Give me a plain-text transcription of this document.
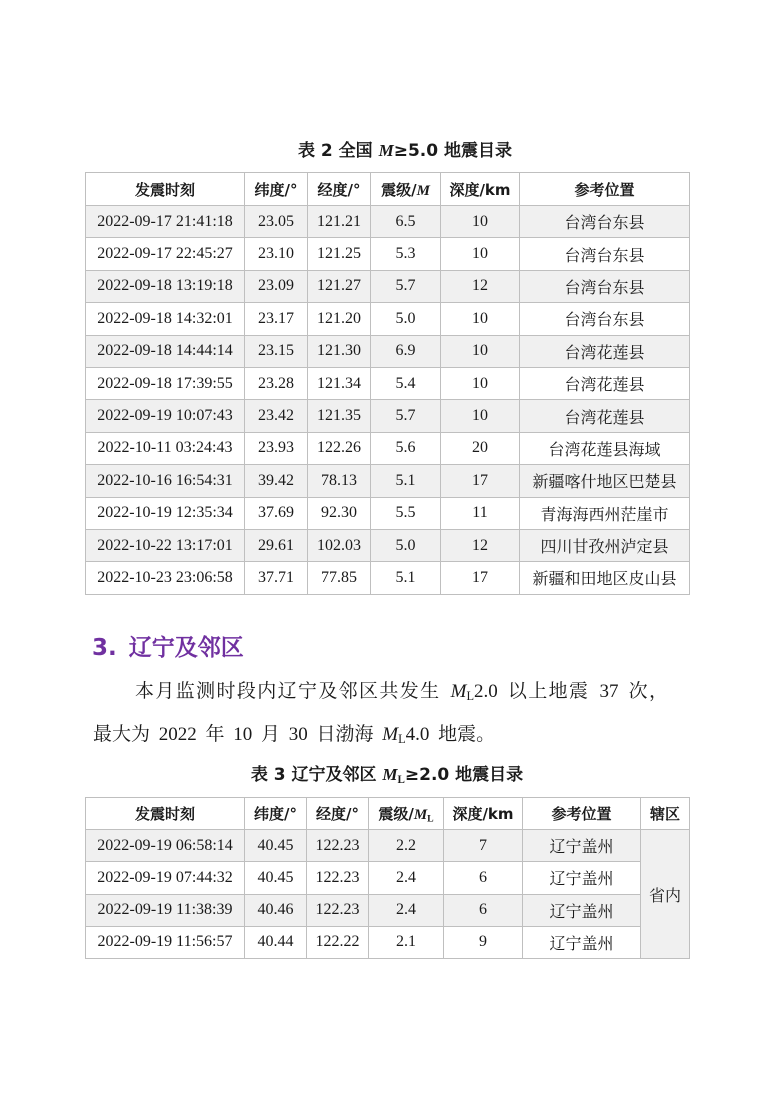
表 2 全国 M≥5.0 地震目录
发震时刻	纬度/°	经度/°	震级/M	深度/km	参考位置
2022-09-17 21:41:18	23.05	121.21	6.5	10	台湾台东县
2022-09-17 22:45:27	23.10	121.25	5.3	10	台湾台东县
2022-09-18 13:19:18	23.09	121.27	5.7	12	台湾台东县
2022-09-18 14:32:01	23.17	121.20	5.0	10	台湾台东县
2022-09-18 14:44:14	23.15	121.30	6.9	10	台湾花莲县
2022-09-18 17:39:55	23.28	121.34	5.4	10	台湾花莲县
2022-09-19 10:07:43	23.42	121.35	5.7	10	台湾花莲县
2022-10-11 03:24:43	23.93	122.26	5.6	20	台湾花莲县海域
2022-10-16 16:54:31	39.42	78.13	5.1	17	新疆喀什地区巴楚县
2022-10-19 12:35:34	37.69	92.30	5.5	11	青海海西州茫崖市
2022-10-22 13:17:01	29.61	102.03	5.0	12	四川甘孜州泸定县
2022-10-23 23:06:58	37.71	77.85	5.1	17	新疆和田地区皮山县
3. 辽宁及邻区
本月监测时段内辽宁及邻区共发生 ML2.0 以上地震 37 次，
最大为 2022 年 10 月 30 日渤海 ML4.0 地震。
表 3 辽宁及邻区 ML≥2.0 地震目录
发震时刻	纬度/°	经度/°	震级/ML	深度/km	参考位置	辖区
2022-09-19 06:58:14	40.45	122.23	2.2	7	辽宁盖州	省内
2022-09-19 07:44:32	40.45	122.23	2.4	6	辽宁盖州	
2022-09-19 11:38:39	40.46	122.23	2.4	6	辽宁盖州	
2022-09-19 11:56:57	40.44	122.22	2.1	9	辽宁盖州	
